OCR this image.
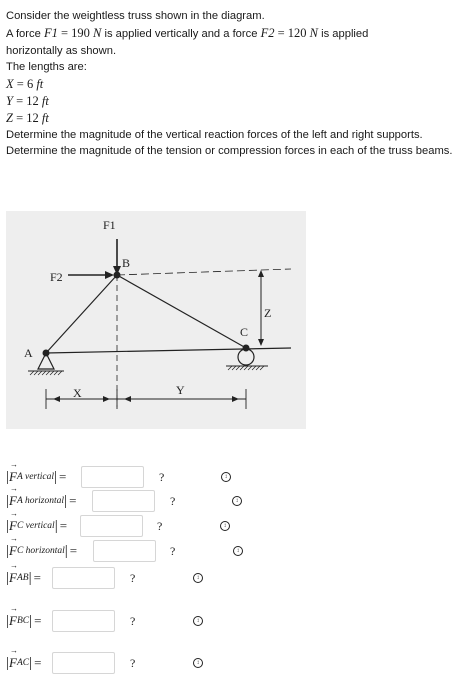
Consider the weightless truss shown in the diagram.

A force F1 = 190 N is applied vertically and a force F2 = 120 N is applied

horizontally as shown.

The lengths are:

X = 6 ft

Y = 12 ft

Z = 12 ft

Determine the magnitude of the vertical reaction forces of the left and right supports.

Determine the magnitude of the tension or compression forces in each of the truss beams.

F1
F2
B
A
C
Z
X	Y
| → F A vertical | =	?	↕
| → F A horizontal | =	?	↕
| → F C vertical | =	?	↕
| → F C horizontal | =	?	↕
| → F AB | =	?	↕
| → F BC | =	?	↕
| → F AC | =	?	↕
